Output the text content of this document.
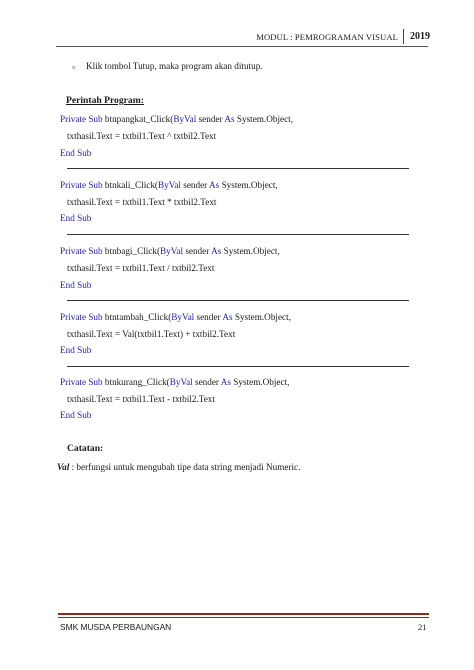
MODUL : PEMROGRAMAN VISUAL 2019
▫ Klik tombol Tutup, maka program akan ditutup.
Perintah Program:
Private Sub btnpangkat_Click(ByVal sender As System.Object,
txthasil.Text = txtbil1.Text ^ txtbil2.Text
End Sub
Private Sub btnkali_Click(ByVal sender As System.Object,
txthasil.Text = txtbil1.Text * txtbil2.Text
End Sub
Private Sub btnbagi_Click(ByVal sender As System.Object,
txthasil.Text = txtbil1.Text / txtbil2.Text
End Sub
Private Sub btntambah_Click(ByVal sender As System.Object,
txthasil.Text = Val(txtbil1.Text) + txtbil2.Text
End Sub
Private Sub btnkurang_Click(ByVal sender As System.Object,
txthasil.Text = txtbil1.Text - txtbil2.Text
End Sub
Catatan:
Val : berfungsi untuk mengubah tipe data string menjadi Numeric.
SMK MUSDA PERBAUNGAN	21
